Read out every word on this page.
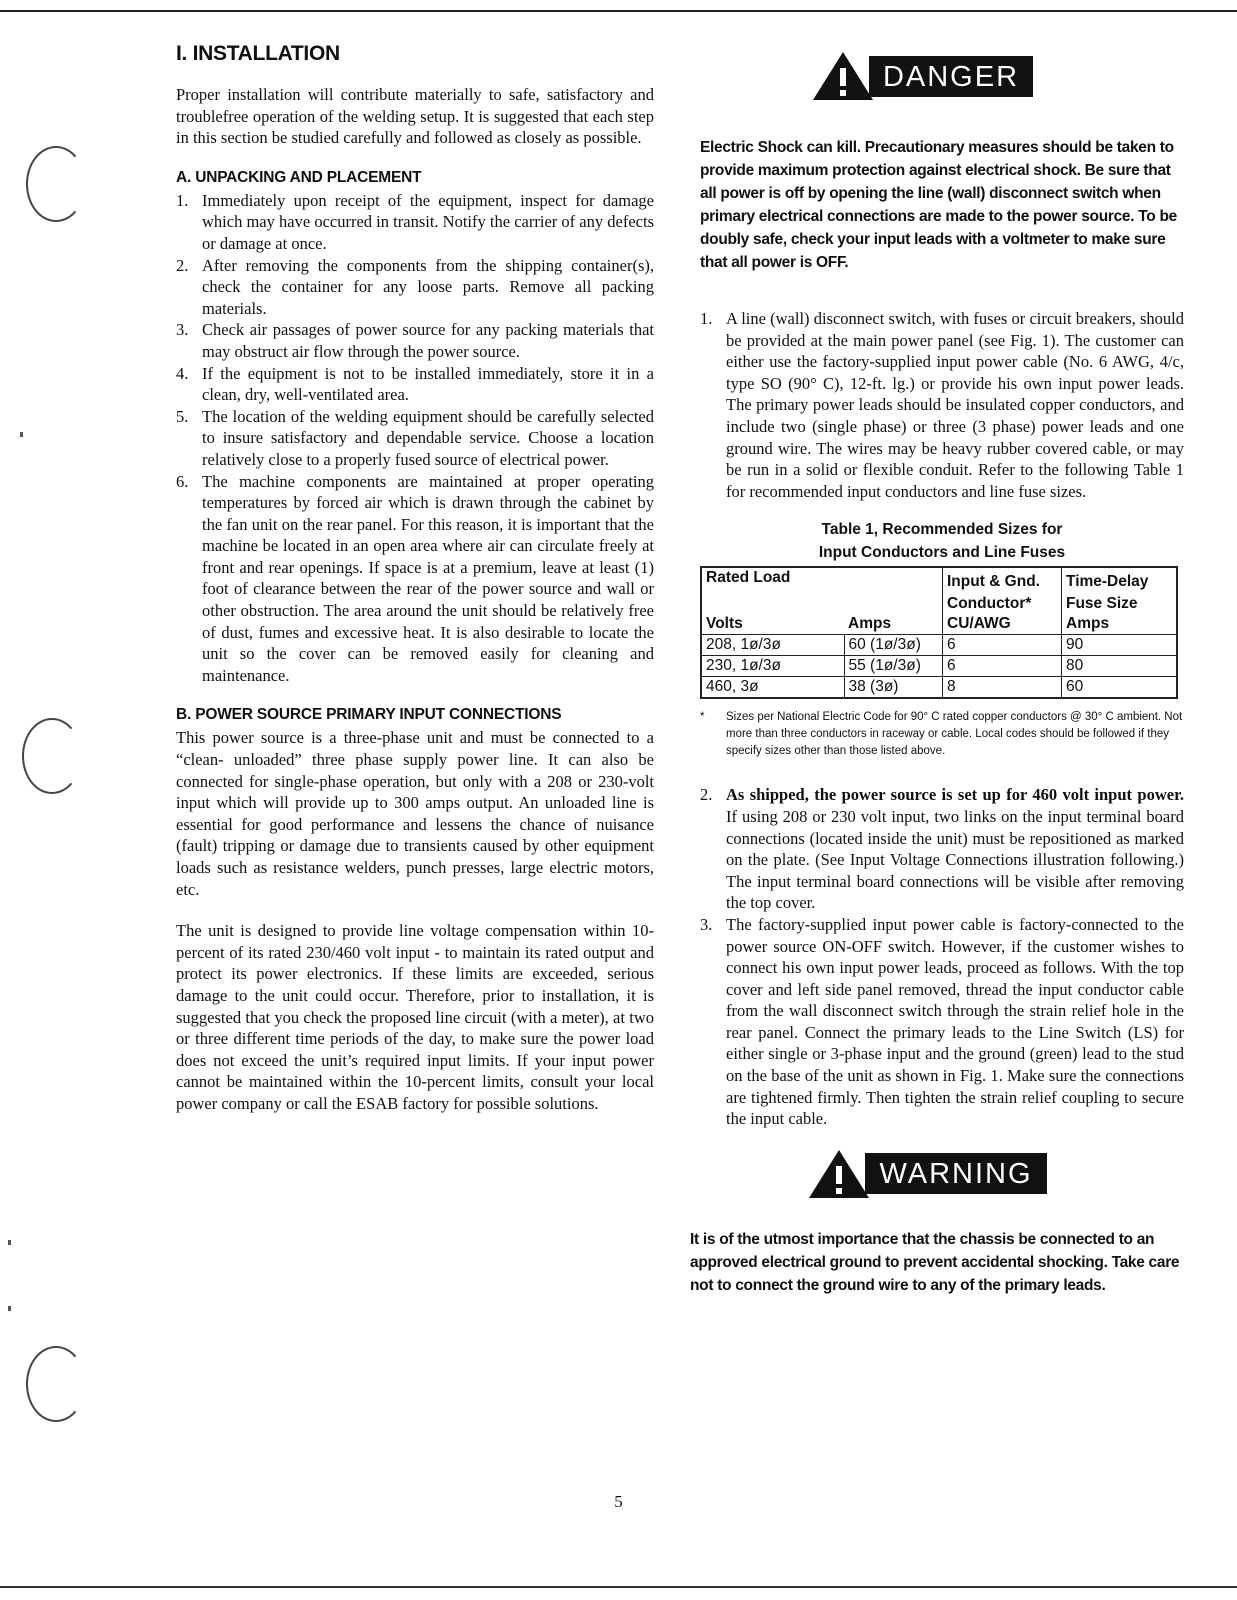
I. INSTALLATION

Proper installation will contribute materially to safe, satisfactory and troublefree operation of the welding setup. It is suggested that each step in this section be studied carefully and followed as closely as possible.

A. UNPACKING AND PLACEMENT
1. Immediately upon receipt of the equipment, inspect for damage which may have occurred in transit. Notify the carrier of any defects or damage at once.
2. After removing the components from the shipping container(s), check the container for any loose parts. Remove all packing materials.
3. Check air passages of power source for any packing materials that may obstruct air flow through the power source.
4. If the equipment is not to be installed immediately, store it in a clean, dry, well-ventilated area.
5. The location of the welding equipment should be carefully selected to insure satisfactory and dependable service. Choose a location relatively close to a properly fused source of electrical power.
6. The machine components are maintained at proper operating temperatures by forced air which is drawn through the cabinet by the fan unit on the rear panel. For this reason, it is important that the machine be located in an open area where air can circulate freely at front and rear openings. If space is at a premium, leave at least (1) foot of clearance between the rear of the power source and wall or other obstruction. The area around the unit should be relatively free of dust, fumes and excessive heat. It is also desirable to locate the unit so the cover can be removed easily for cleaning and maintenance.
B. POWER SOURCE PRIMARY INPUT CONNECTIONS

This power source is a three-phase unit and must be connected to a “clean- unloaded” three phase supply power line. It can also be connected for single-phase operation, but only with a 208 or 230-volt input which will provide up to 300 amps output. An unloaded line is essential for good performance and lessens the chance of nuisance (fault) tripping or damage due to transients caused by other equipment loads such as resistance welders, punch presses, large electric motors, etc.

The unit is designed to provide line voltage compensation within 10-percent of its rated 230/460 volt input - to maintain its rated output and protect its power electronics. If these limits are exceeded, serious damage to the unit could occur. Therefore, prior to installation, it is suggested that you check the proposed line circuit (with a meter), at two or three different time periods of the day, to make sure the power load does not exceed the unit’s required input limits. If your input power cannot be maintained within the 10-percent limits, consult your local power company or call the ESAB factory for possible solutions.

DANGER
Electric Shock can kill. Precautionary measures should be taken to provide maximum protection against electrical shock. Be sure that all power is off by opening the line (wall) disconnect switch when primary electrical connections are made to the power source. To be doubly safe, check your input leads with a voltmeter to make sure that all power is OFF.
1. A line (wall) disconnect switch, with fuses or circuit breakers, should be provided at the main power panel (see Fig. 1). The customer can either use the factory-supplied input power cable (No. 6 AWG, 4/c, type SO (90° C), 12-ft. lg.) or provide his own input power leads. The primary power leads should be insulated copper conductors, and include two (single phase) or three (3 phase) power leads and one ground wire. The wires may be heavy rubber covered cable, or may be run in a solid or flexible conduit. Refer to the following Table 1 for recommended input conductors and line fuse sizes.
Table 1, Recommended Sizes for
Input Conductors and Line Fuses
Rated Load		Input & Gnd.	Time-Delay
		Conductor*	Fuse Size
Volts	Amps	CU/AWG	Amps
208, 1ø/3ø	60 (1ø/3ø)	6	90
230, 1ø/3ø	55 (1ø/3ø)	6	80
460, 3ø	38 (3ø)	8	60
*	Sizes per National Electric Code for 90° C rated copper conductors @ 30° C ambient. Not more than three conductors in raceway or cable. Local codes should be followed if they specify sizes other than those listed above.
2. As shipped, the power source is set up for 460 volt input power. If using 208 or 230 volt input, two links on the input terminal board connections (located inside the unit) must be repositioned as marked on the plate. (See Input Voltage Connections illustration following.) The input terminal board connections will be visible after removing the top cover.
3. The factory-supplied input power cable is factory-connected to the power source ON-OFF switch. However, if the customer wishes to connect his own input power leads, proceed as follows. With the top cover and left side panel removed, thread the input conductor cable from the wall disconnect switch through the strain relief hole in the rear panel. Connect the primary leads to the Line Switch (LS) for either single or 3-phase input and the ground (green) lead to the stud on the base of the unit as shown in Fig. 1. Make sure the connections are tightened firmly. Then tighten the strain relief coupling to secure the input cable.
WARNING
It is of the utmost importance that the chassis be connected to an approved electrical ground to prevent accidental shocking. Take care not to connect the ground wire to any of the primary leads.
5
